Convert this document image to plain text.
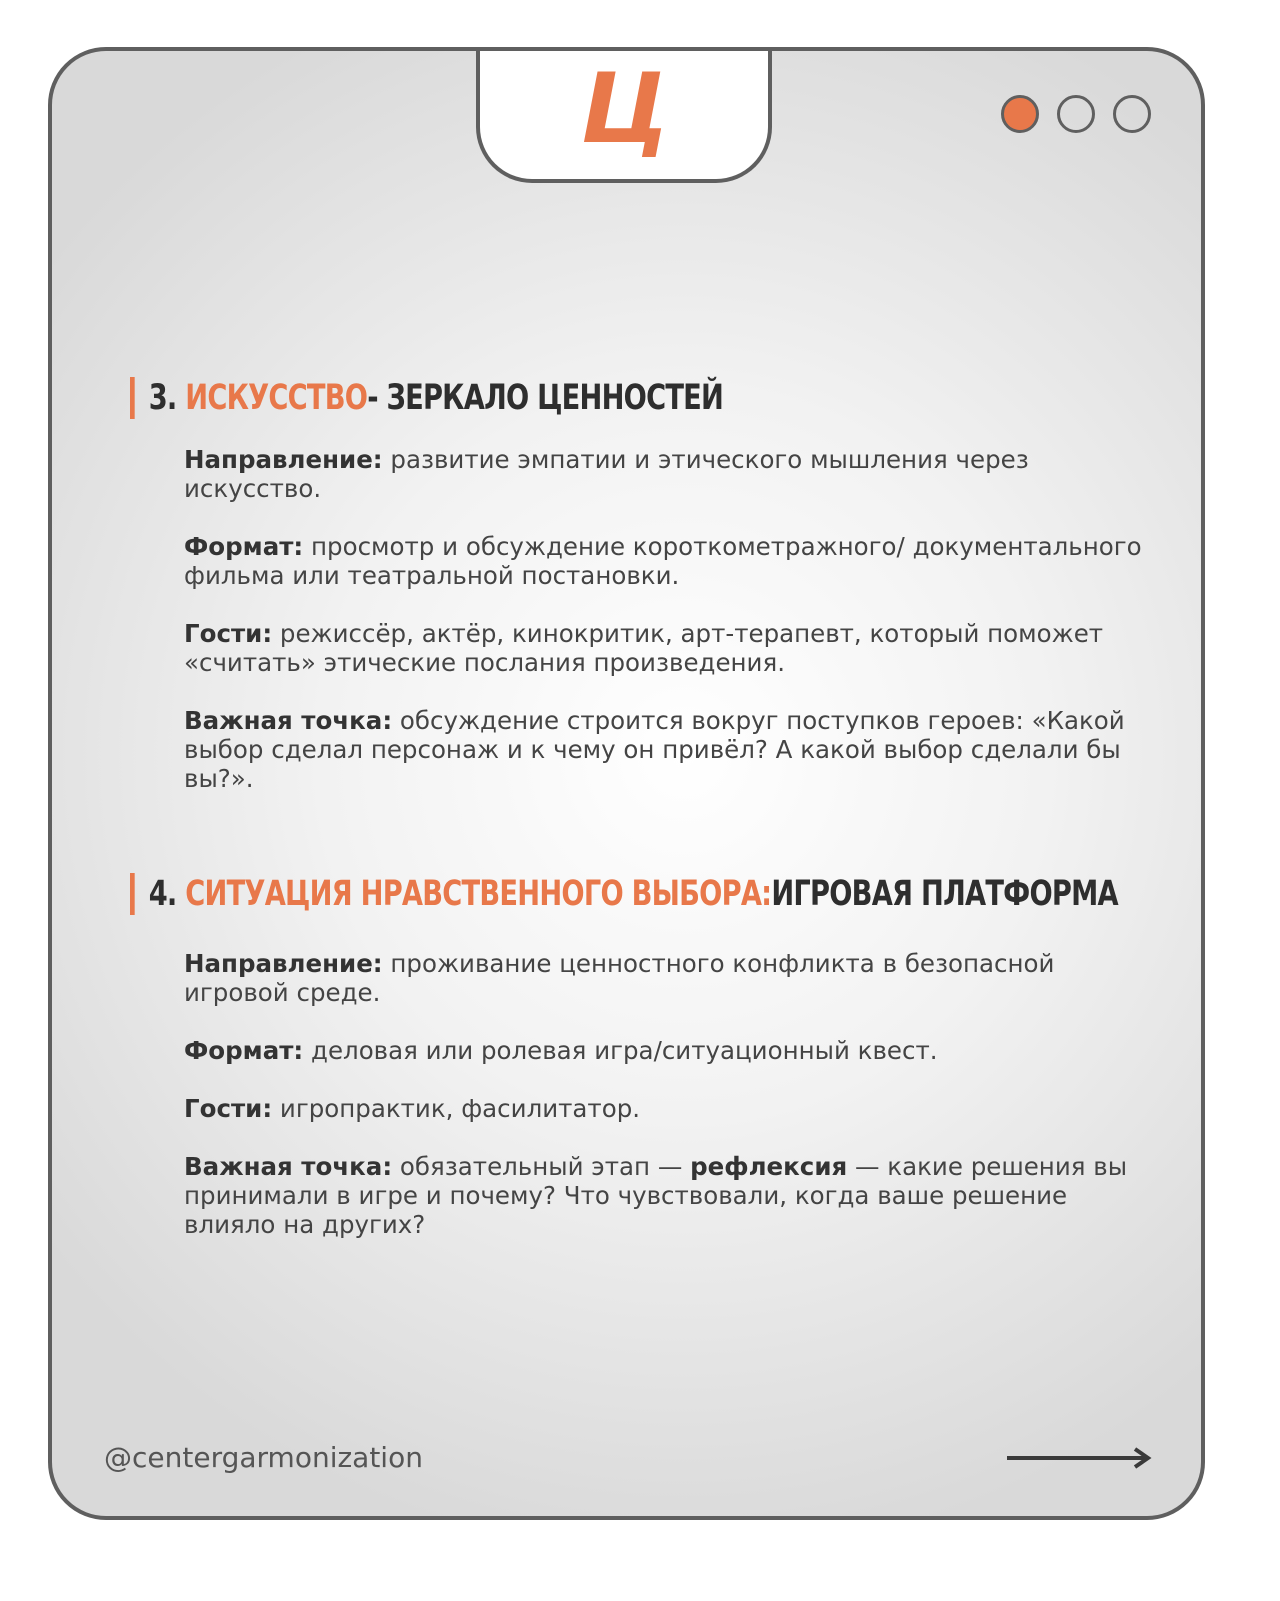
Ц
3.
ИСКУССТВО - ЗЕРКАЛО ЦЕННОСТЕЙ

Направление: развитие эмпатии и этического мышления через искусство.

Формат: просмотр и обсуждение короткометражного/ документального фильма или театральной постановки.

Гости: режиссёр, актёр, кинокритик, арт-терапевт, который поможет «считать» этические послания произведения.

Важная точка: обсуждение строится вокруг поступков героев: «Какой выбор сделал персонаж и к чему он привёл? А какой выбор сделали бы вы?».

4.
СИТУАЦИЯ НРАВСТВЕННОГО ВЫБОРА: ИГРОВАЯ ПЛАТФОРМА

Направление: проживание ценностного конфликта в безопасной игровой среде.

Формат: деловая или ролевая игра/ситуационный квест.

Гости: игропрактик, фасилитатор.

Важная точка: обязательный этап — рефлексия — какие решения вы принимали в игре и почему? Что чувствовали, когда ваше решение влияло на других?

@centergarmonization
